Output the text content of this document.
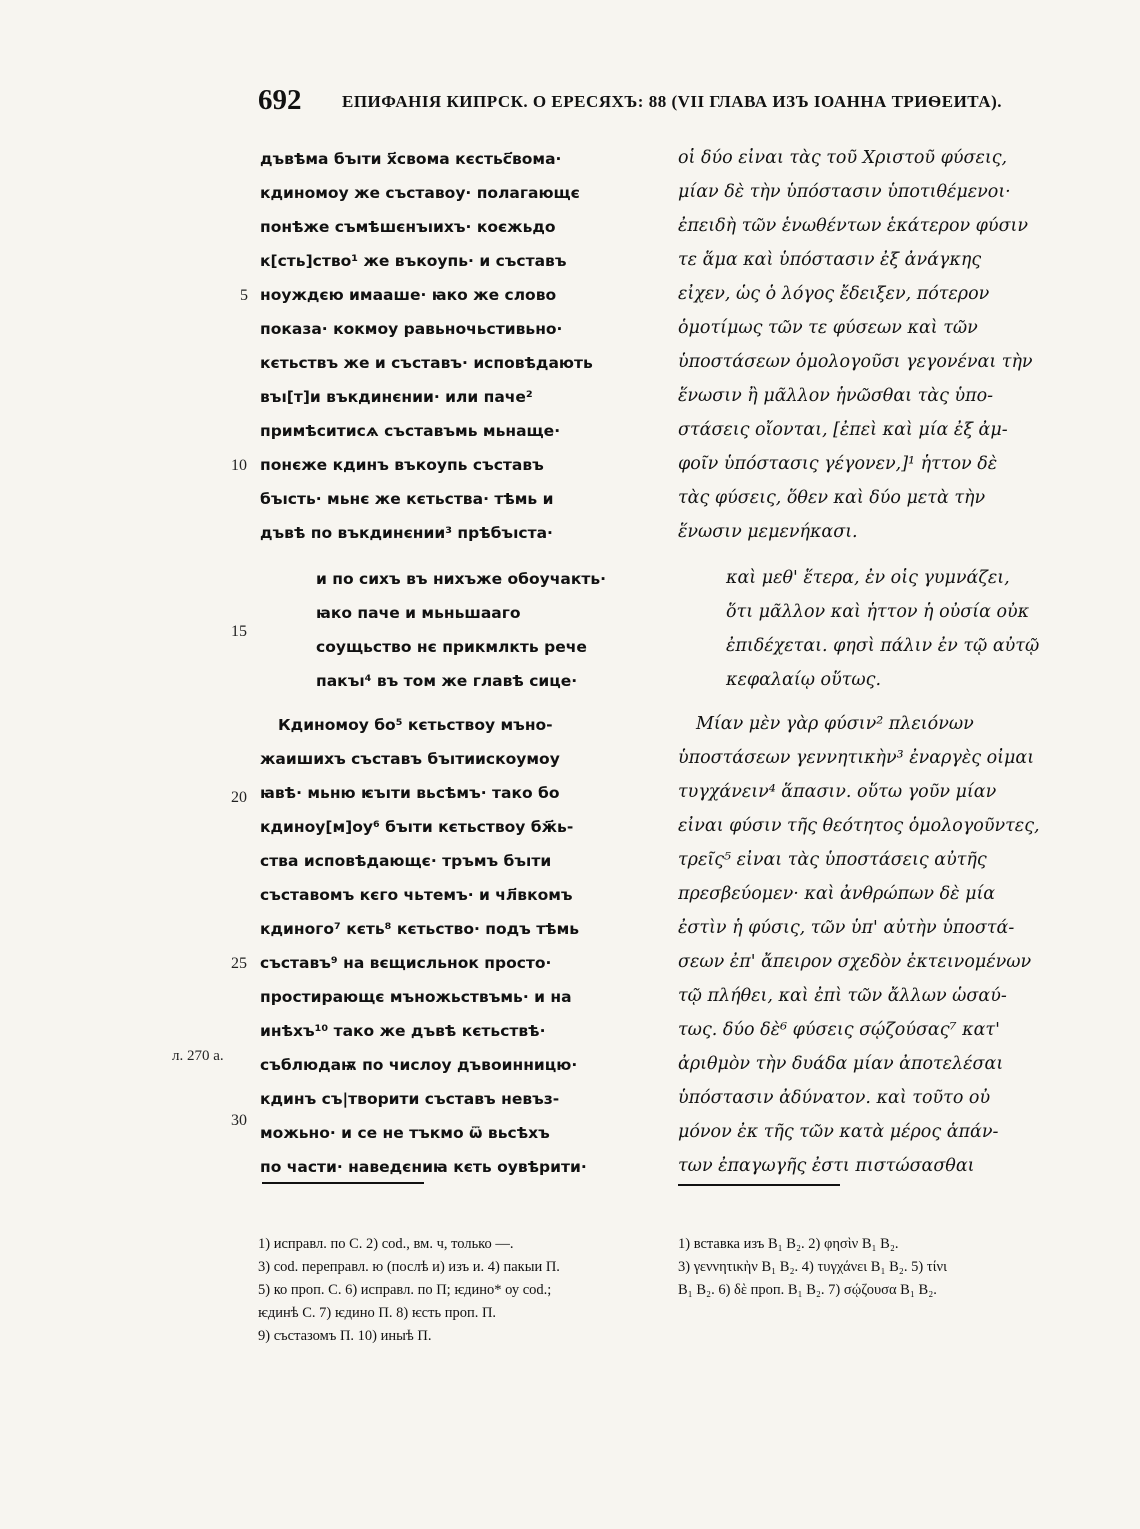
692 ЕПИФАНІЯ КИПРСК. О ЕРЕСЯХЪ: 88 (VII ГЛАВА ИЗЪ ІОАННА ТРИѲЕИТА).
дъвѣма бъıти х҃свома кєстьс҃вома·
кдиномоу же съставоу· полагающє
понѣже съмѣшєнъıихъ· коєжьдо
к[сть]ство¹ же въкоупь· и съставъ
ноуждєю имааше· ꙗко же слово
показа· кокмоу равьночьстивьно·
кєтьствъ же и съставъ· исповѣдають
въı[т]и въкдинєнии· или паче²
примѣситисѧ съставъмь мьнаще·
понєже кдинъ въкоупь съставъ
бъıсть· мьнє же кєтьства· тѣмь и
дъвѣ по въкдинєнии³ прѣбъıста·
и по сихъ въ нихъже обоучакть·
ꙗко паче и мьньшааго
соущьство нє прикмлкть рече
пакъı⁴ въ том же главѣ сице·
Кдиномоу бо⁵ кєтьствоу мъно-
жаишихъ съставъ бъıтиискоумоу
ꙗвѣ· мьню ѥъıти вьсѣмъ· тако бо
кдиноу[м]оу⁶ бъıти кєтьствоу бж҃ь-
ства исповѣдающє· тръмъ бъıти
съставомъ кєго чьтемъ· и чл҃вкомъ
кдиного⁷ кєть⁸ кєтьство· подъ тѣмь
съставъ⁹ на вєщисльнок просто·
простирающє мъножьствъмь· и на
инѣхъ¹⁰ тако же дъвѣ кєтьствѣ·
съблюдаѭ по числоу дъвоинницю·
кдинъ съ|творити съставъ невъз-
можьно· и се не тъкмо ѿ вьсѣхъ
по части· наведєниꙗ кєть оувѣрити·
οἱ δύο εἶναι τὰς τοῦ Χριστοῦ φύσεις,
μίαν δὲ τὴν ὑπόστασιν ὑποτιθέμενοι·
ἐπειδὴ τῶν ἑνωθέντων ἑκάτερον φύσιν
τε ἅμα καὶ ὑπόστασιν ἐξ ἀνάγκης
εἶχεν, ὡς ὁ λόγος ἔδειξεν, πότερον
ὁμοτίμως τῶν τε φύσεων καὶ τῶν
ὑποστάσεων ὁμολογοῦσι γεγονέναι τὴν
ἕνωσιν ἢ μᾶλλον ἡνῶσθαι τὰς ὑπο-
στάσεις οἴονται, [ἐπεὶ καὶ μία ἐξ ἀμ-
φοῖν ὑπόστασις γέγονεν,]¹ ἧττον δὲ
τὰς φύσεις, ὅθεν καὶ δύο μετὰ τὴν
ἕνωσιν μεμενήκασι.
καὶ μεθ' ἕτερα, ἐν οἷς γυμνάζει,
ὅτι μᾶλλον καὶ ἧττον ἡ οὐσία οὐκ
ἐπιδέχεται. φησὶ πάλιν ἐν τῷ αὐτῷ
κεφαλαίῳ οὕτως.
Μίαν μὲν γὰρ φύσιν² πλειόνων
ὑποστάσεων γεννητικὴν³ ἐναργὲς οἶμαι
τυγχάνειν⁴ ἅπασιν. οὕτω γοῦν μίαν
εἶναι φύσιν τῆς θεότητος ὁμολογοῦντες,
τρεῖς⁵ εἶναι τὰς ὑποστάσεις αὐτῆς
πρεσβεύομεν· καὶ ἀνθρώπων δὲ μία
ἐστὶν ἡ φύσις, τῶν ὑπ' αὐτὴν ὑποστά-
σεων ἐπ' ἄπειρον σχεδὸν ἐκτεινομένων
τῷ πλήθει, καὶ ἐπὶ τῶν ἄλλων ὡσαύ-
τως. δύο δὲ⁶ φύσεις σῴζούσας⁷ κατ'
ἀριθμὸν τὴν δυάδα μίαν ἀποτελέσαι
ὑπόστασιν ἀδύνατον. καὶ τοῦτο οὐ
μόνον ἐκ τῆς τῶν κατὰ μέρος ἁπάν-
των ἐπαγωγῆς ἐστι πιστώσασθαι
5
10
15
20
25
30
л. 270 а.
1) исправл. по С. 2) cod., вм. ч, только —.
3) cod. переправл. ю (послѣ и) изъ и. 4) пакыи П.
5) ко проп. С. 6) исправл. по П; ѥдино* оу cod.;
ѥдинѣ С. 7) ѥдино П. 8) ѥсть проп. П.
9) състазомъ П. 10) иныѣ П.
1) вставка изъ B₁ B₂. 2) φησὶν B₁ B₂.
3) γεννητικὴν B₁ B₂. 4) τυγχάνει B₁ B₂. 5) τίνι
B₁ B₂. 6) δὲ проп. B₁ B₂. 7) σῴζουσα B₁ B₂.
